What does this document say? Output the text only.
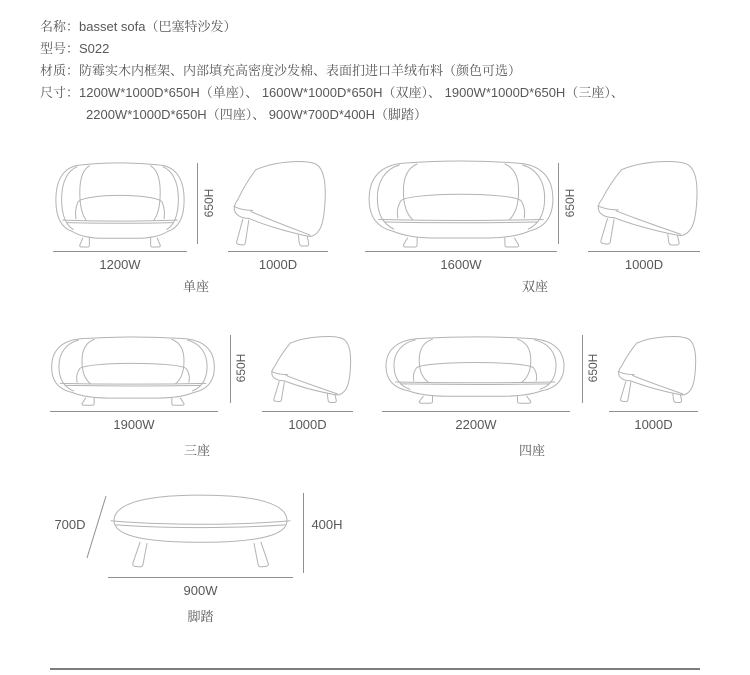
名称：basset sofa（巴塞特沙发）
型号：S022
材质：防霉实木内框架、内部填充高密度沙发棉、表面扪进口羊绒布料（颜色可选）
尺寸：1200W*1000D*650H（单座）、 1600W*1000D*650H（双座）、 1900W*1000D*650H（三座）、
2200W*1000D*650H（四座）、 900W*700D*400H（脚踏）
650H
1200W	1000D
单座
650H
1600W	1000D
双座
650H
1900W	1000D
三座
650H
2200W	1000D
四座
700D	400H
900W
脚踏
